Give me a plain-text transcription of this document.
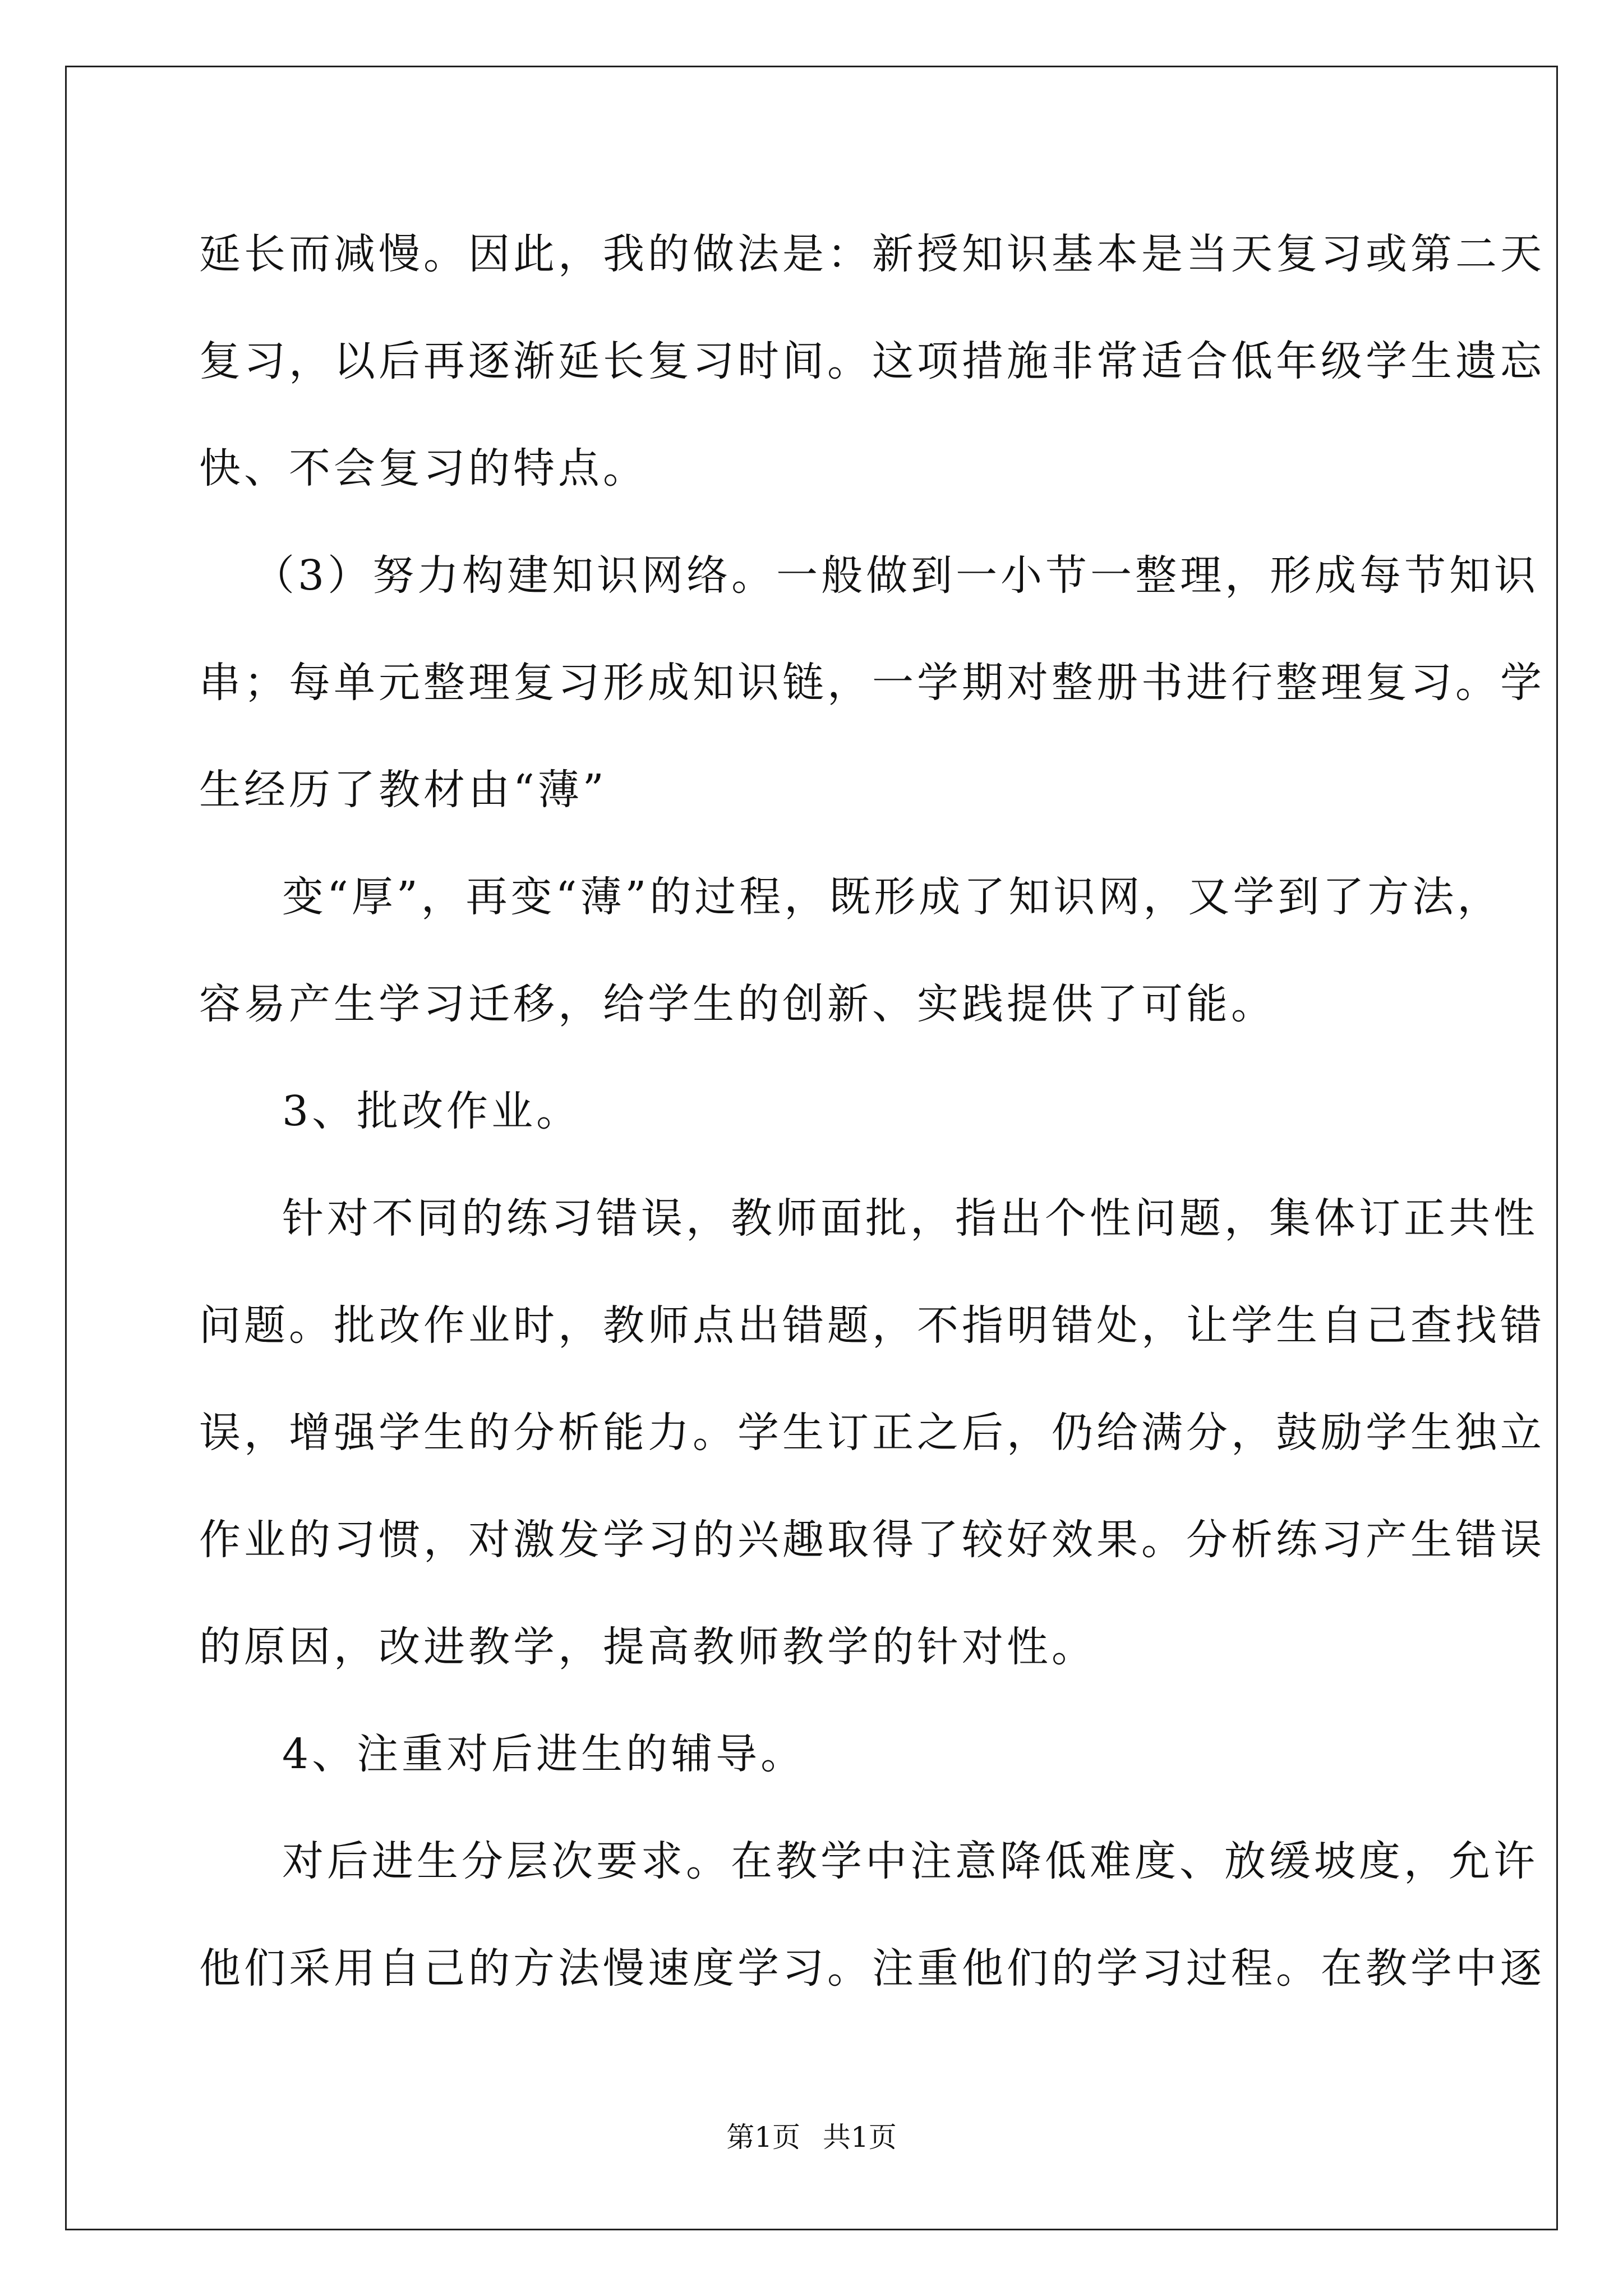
延长而减慢。因此，我的做法是：新授知识基本是当天复习或第二天
复习，以后再逐渐延长复习时间。这项措施非常适合低年级学生遗忘
快、不会复习的特点。
（3）努力构建知识网络。一般做到一小节一整理，形成每节知识
串；每单元整理复习形成知识链，一学期对整册书进行整理复习。学
生经历了教材由“薄”
变“厚”，再变“薄”的过程，既形成了知识网，又学到了方法，
容易产生学习迁移，给学生的创新、实践提供了可能。
3、批改作业。
针对不同的练习错误，教师面批，指出个性问题，集体订正共性
问题。批改作业时，教师点出错题，不指明错处，让学生自己查找错
误，增强学生的分析能力。学生订正之后，仍给满分，鼓励学生独立
作业的习惯，对激发学习的兴趣取得了较好效果。分析练习产生错误
的原因，改进教学，提高教师教学的针对性。
4、注重对后进生的辅导。
对后进生分层次要求。在教学中注意降低难度、放缓坡度，允许
他们采用自己的方法慢速度学习。注重他们的学习过程。在教学中逐
第1页 共1页
